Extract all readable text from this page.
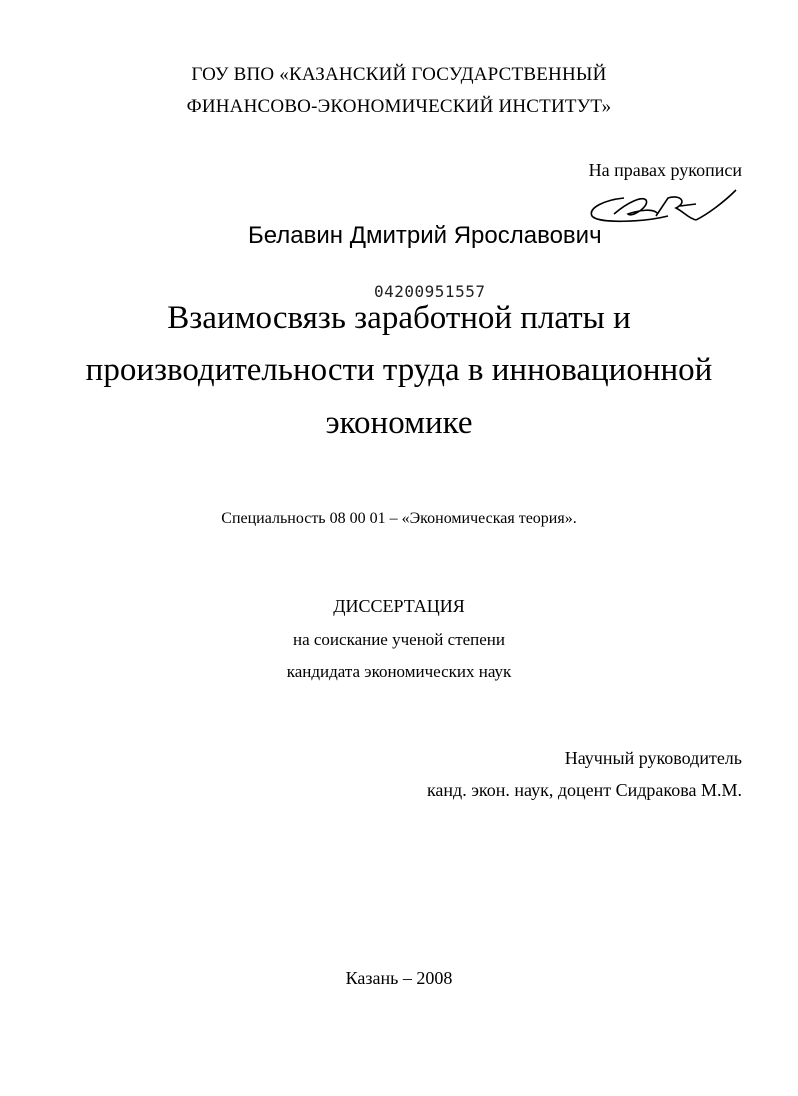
ГОУ ВПО «КАЗАНСКИЙ ГОСУДАРСТВЕННЫЙ
ФИНАНСОВО-ЭКОНОМИЧЕСКИЙ ИНСТИТУТ»
На правах рукописи
Белавин Дмитрий Ярославович
04200951557
Взаимосвязь заработной платы и
производительности труда в инновационной
экономике
Специальность 08 00 01 – «Экономическая теория».
ДИССЕРТАЦИЯ
на соискание ученой степени
кандидата экономических наук
Научный руководитель
канд. экон. наук, доцент Сидракова М.М.
Казань – 2008
